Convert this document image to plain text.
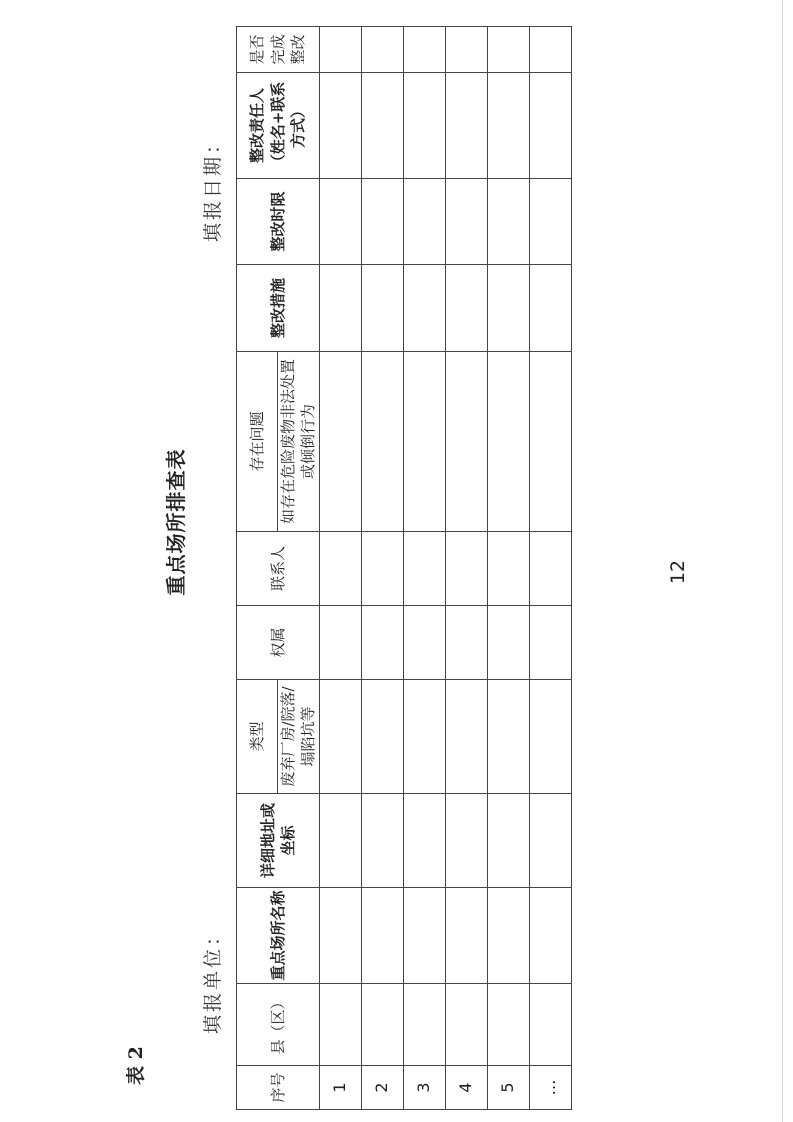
表 2
重点场所排查表
填报单位：
填报日期：
序号	县（区）	重点场所名称	详细地址或坐标	类型	权属	联系人	存在问题	整改措施	整改时限	整改责任人（姓名+联系方式）	是否完成整改

				废弃厂房/院落/塌陷坑等			如存在危险废物非法处置或倾倒行为				

1											
2											
3											
4											
5											
…											
12
